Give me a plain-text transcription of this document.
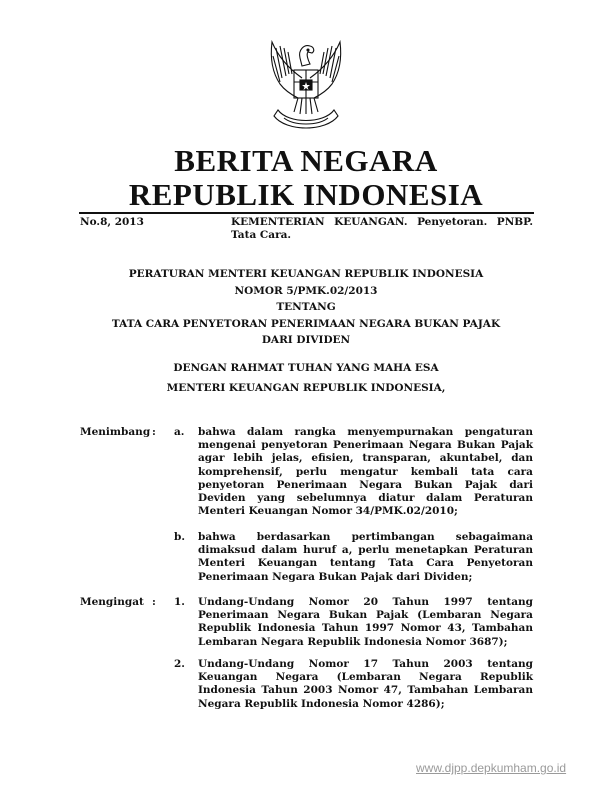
BERITA NEGARA
REPUBLIK INDONESIA
No.8, 2013	KEMENTERIAN KEUANGAN. Penyetoran. PNBP. Tata Cara.
PERATURAN MENTERI KEUANGAN REPUBLIK INDONESIA
NOMOR 5/PMK.02/2013
TENTANG
TATA CARA PENYETORAN PENERIMAAN NEGARA BUKAN PAJAK
DARI DIVIDEN
DENGAN RAHMAT TUHAN YANG MAHA ESA
MENTERI KEUANGAN REPUBLIK INDONESIA,
Menimbang : a. bahwa dalam rangka menyempurnakan pengaturan
mengenai penyetoran Penerimaan Negara Bukan Pajak
agar lebih jelas, efisien, transparan, akuntabel, dan
komprehensif, perlu mengatur kembali tata cara
penyetoran Penerimaan Negara Bukan Pajak dari
Deviden yang sebelumnya diatur dalam Peraturan
Menteri Keuangan Nomor 34/PMK.02/2010;
b. bahwa berdasarkan pertimbangan sebagaimana
dimaksud dalam huruf a, perlu menetapkan Peraturan
Menteri Keuangan tentang Tata Cara Penyetoran
Penerimaan Negara Bukan Pajak dari Dividen;
Mengingat : 1. Undang-Undang Nomor 20 Tahun 1997 tentang
Penerimaan Negara Bukan Pajak (Lembaran Negara
Republik Indonesia Tahun 1997 Nomor 43, Tambahan
Lembaran Negara Republik Indonesia Nomor 3687);
2. Undang-Undang Nomor 17 Tahun 2003 tentang
Keuangan Negara (Lembaran Negara Republik
Indonesia Tahun 2003 Nomor 47, Tambahan Lembaran
Negara Republik Indonesia Nomor 4286);
www.djpp.depkumham.go.id
